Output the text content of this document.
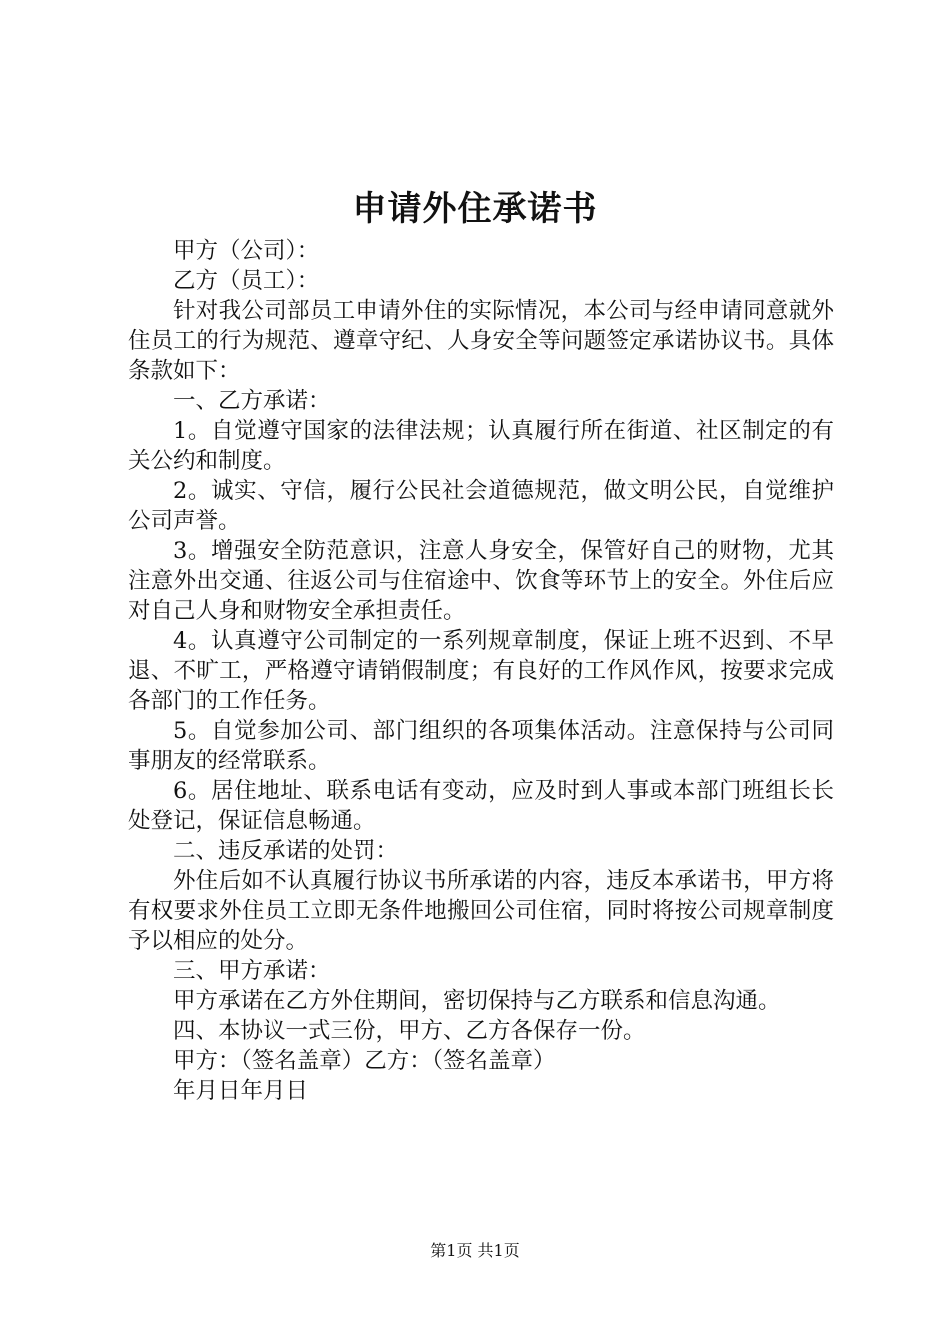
申请外住承诺书

甲方（公司）：

乙方（员工）：

针对我公司部员工申请外住的实际情况，本公司与经申请同意就外住员工的行为规范、遵章守纪、人身安全等问题签定承诺协议书。具体条款如下：

一、乙方承诺：

1。自觉遵守国家的法律法规；认真履行所在街道、社区制定的有关公约和制度。

2。诚实、守信，履行公民社会道德规范，做文明公民，自觉维护公司声誉。

3。增强安全防范意识，注意人身安全，保管好自己的财物，尤其注意外出交通、往返公司与住宿途中、饮食等环节上的安全。外住后应对自己人身和财物安全承担责任。

4。认真遵守公司制定的一系列规章制度，保证上班不迟到、不早退、不旷工，严格遵守请销假制度；有良好的工作风作风，按要求完成各部门的工作任务。

5。自觉参加公司、部门组织的各项集体活动。注意保持与公司同事朋友的经常联系。

6。居住地址、联系电话有变动，应及时到人事或本部门班组长长处登记，保证信息畅通。

二、违反承诺的处罚：

外住后如不认真履行协议书所承诺的内容，违反本承诺书，甲方将有权要求外住员工立即无条件地搬回公司住宿，同时将按公司规章制度予以相应的处分。

三、甲方承诺：

甲方承诺在乙方外住期间，密切保持与乙方联系和信息沟通。

四、本协议一式三份，甲方、乙方各保存一份。

甲方：（签名盖章）乙方：（签名盖章）

年月日年月日

第1页 共1页
